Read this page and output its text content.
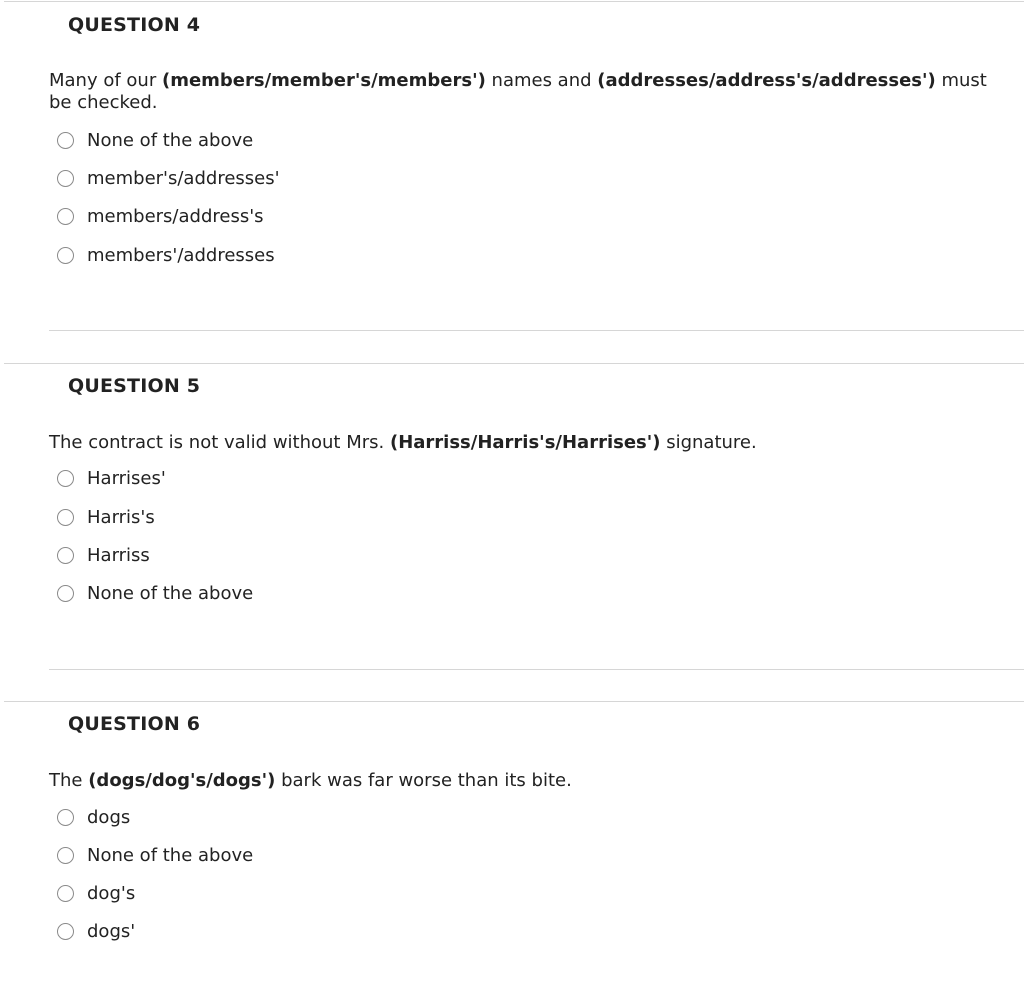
QUESTION 4

Many of our (members/member's/members') names and (addresses/address's/addresses') must be checked.

None of the above
member's/addresses'
members/address's
members'/addresses
QUESTION 5

The contract is not valid without Mrs. (Harriss/Harris's/Harrises') signature.

Harrises'
Harris's
Harriss
None of the above
QUESTION 6

The (dogs/dog's/dogs') bark was far worse than its bite.

dogs
None of the above
dog's
dogs'
